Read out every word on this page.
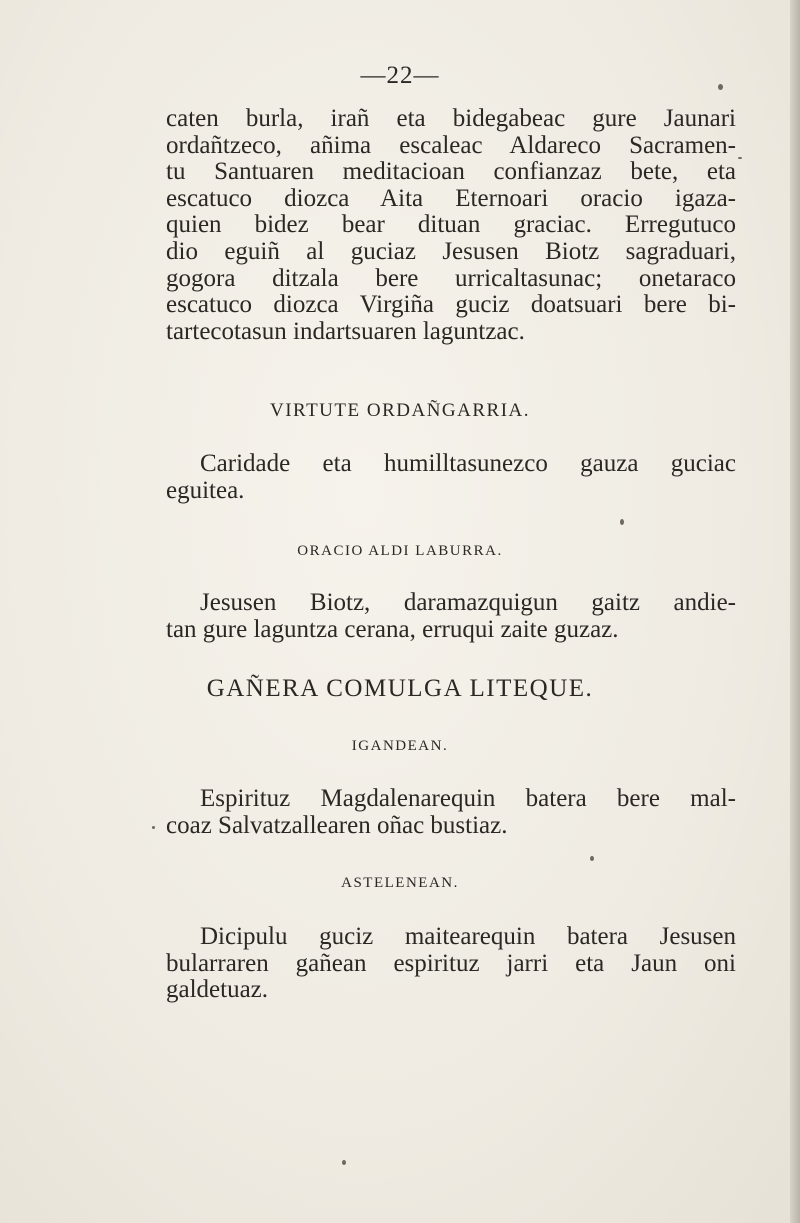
—22—

caten burla, irañ eta bidegabeac gure Jaunari
ordañtzeco, añima escaleac Aldareco Sacramen-
tu Santuaren meditacioan confianzaz bete, eta
escatuco diozca Aita Eternoari oracio igaza-
quien bidez bear dituan graciac. Erregutuco
dio eguiñ al guciaz Jesusen Biotz sagraduari,
gogora ditzala bere urricaltasunac; onetaraco
escatuco diozca Virgiña guciz doatsuari bere bi-
tartecotasun indartsuaren laguntzac.

VIRTUTE ORDAÑGARRIA.

Caridade eta humilltasunezco gauza guciac
eguitea.

ORACIO ALDI LABURRA.

Jesusen Biotz, daramazquigun gaitz andie-
tan gure laguntza cerana, erruqui zaite guzaz.

GAÑERA COMULGA LITEQUE.
IGANDEAN.

Espirituz Magdalenarequin batera bere mal-
coaz Salvatzallearen oñac bustiaz.

ASTELENEAN.

Dicipulu guciz maitearequin batera Jesusen
bularraren gañean espirituz jarri eta Jaun oni
galdetuaz.
